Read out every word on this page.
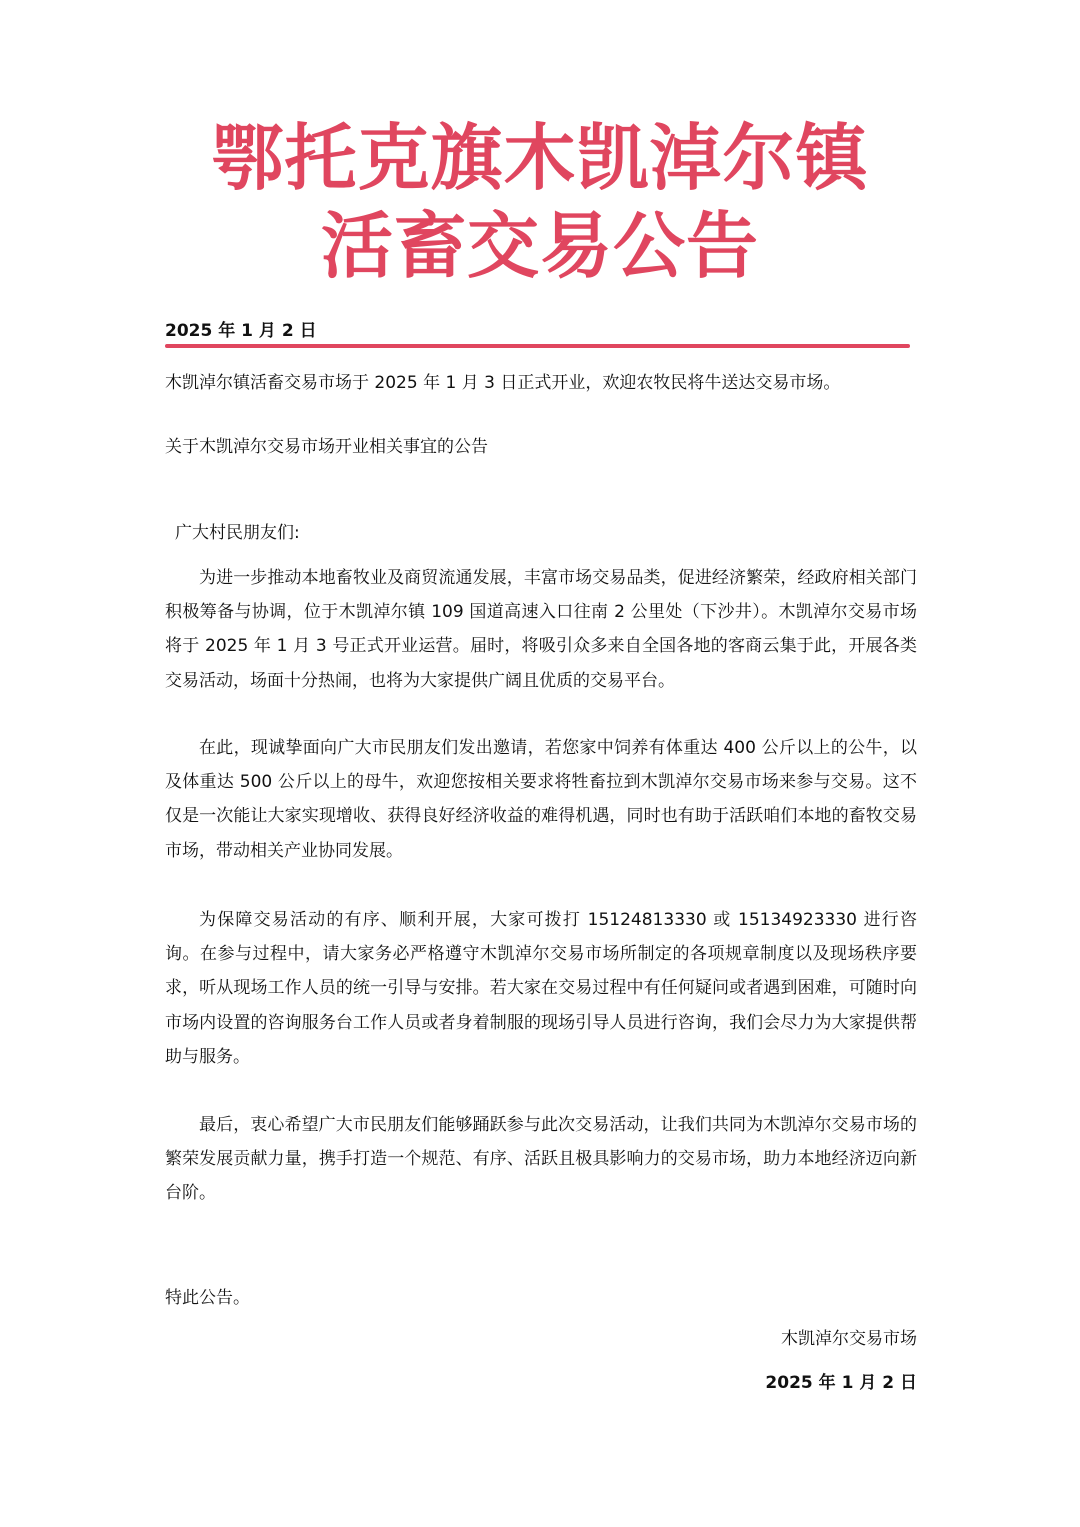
鄂托克旗木凯淖尔镇
活畜交易公告
2025 年 1 月 2 日
木凯淖尔镇活畜交易市场于 2025 年 1 月 3 日正式开业，欢迎农牧民将牛送达交易市场。
关于木凯淖尔交易市场开业相关事宜的公告
广大村民朋友们:

为进一步推动本地畜牧业及商贸流通发展，丰富市场交易品类，促进经济繁荣，经政府相关部门积极筹备与协调，位于木凯淖尔镇 109 国道高速入口往南 2 公里处（下沙井）。木凯淖尔交易市场将于 2025 年 1 月 3 号正式开业运营。届时，将吸引众多来自全国各地的客商云集于此，开展各类交易活动，场面十分热闹，也将为大家提供广阔且优质的交易平台。

在此，现诚挚面向广大市民朋友们发出邀请，若您家中饲养有体重达 400 公斤以上的公牛，以及体重达 500 公斤以上的母牛，欢迎您按相关要求将牲畜拉到木凯淖尔交易市场来参与交易。这不仅是一次能让大家实现增收、获得良好经济收益的难得机遇，同时也有助于活跃咱们本地的畜牧交易市场，带动相关产业协同发展。

为保障交易活动的有序、顺利开展，大家可拨打 15124813330 或 15134923330 进行咨询。在参与过程中，请大家务必严格遵守木凯淖尔交易市场所制定的各项规章制度以及现场秩序要求，听从现场工作人员的统一引导与安排。若大家在交易过程中有任何疑问或者遇到困难，可随时向市场内设置的咨询服务台工作人员或者身着制服的现场引导人员进行咨询，我们会尽力为大家提供帮助与服务。

最后，衷心希望广大市民朋友们能够踊跃参与此次交易活动，让我们共同为木凯淖尔交易市场的繁荣发展贡献力量，携手打造一个规范、有序、活跃且极具影响力的交易市场，助力本地经济迈向新台阶。

特此公告。
木凯淖尔交易市场
2025 年 1 月 2 日
